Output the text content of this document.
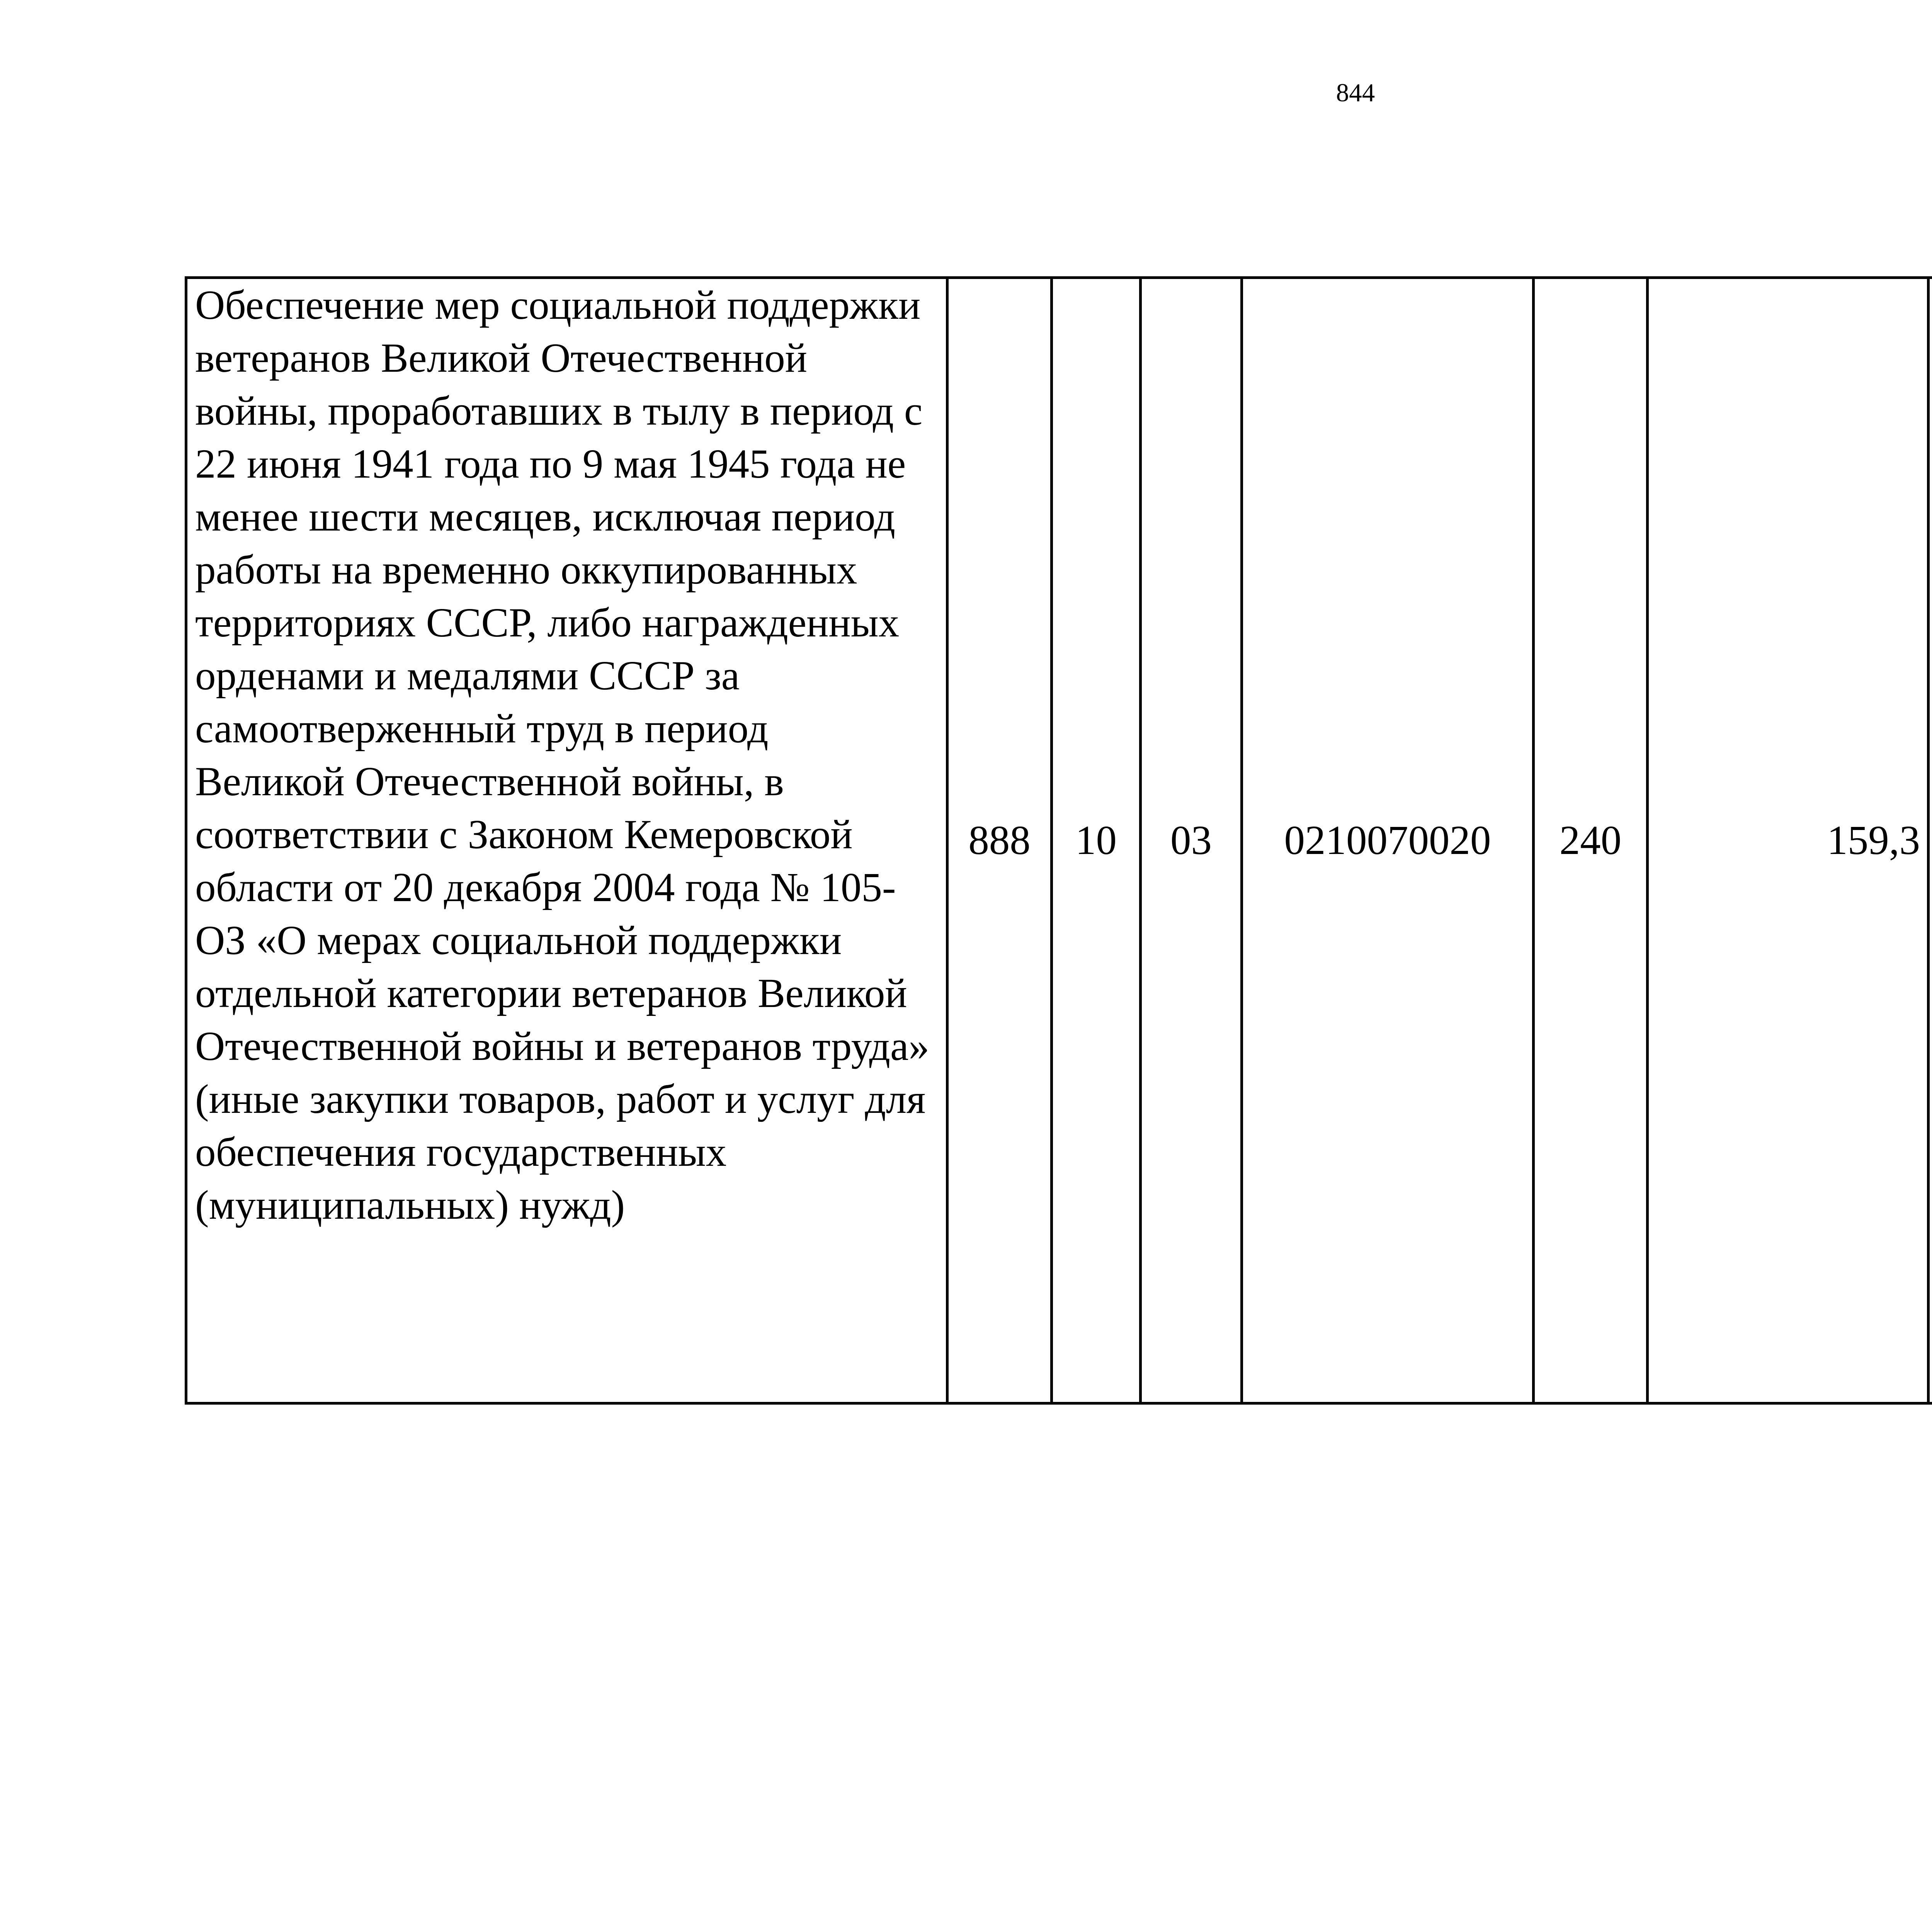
844
Обеспечение мер социальной поддержки
ветеранов Великой Отечественной
войны, проработавших в тылу в период с
22 июня 1941 года по 9 мая 1945 года не
менее шести месяцев, исключая период
работы на временно оккупированных
территориях СССР, либо награжденных
орденами и медалями СССР за
самоотверженный труд в период
Великой Отечественной войны, в
соответствии с Законом Кемеровской
области от 20 декабря 2004 года № 105-
ОЗ «О мерах социальной поддержки
отдельной категории ветеранов Великой
Отечественной войны и ветеранов труда»
(иные закупки товаров, работ и услуг для
обеспечения государственных
(муниципальных) нужд)
	888	10	03	0210070020	240	159,3		
